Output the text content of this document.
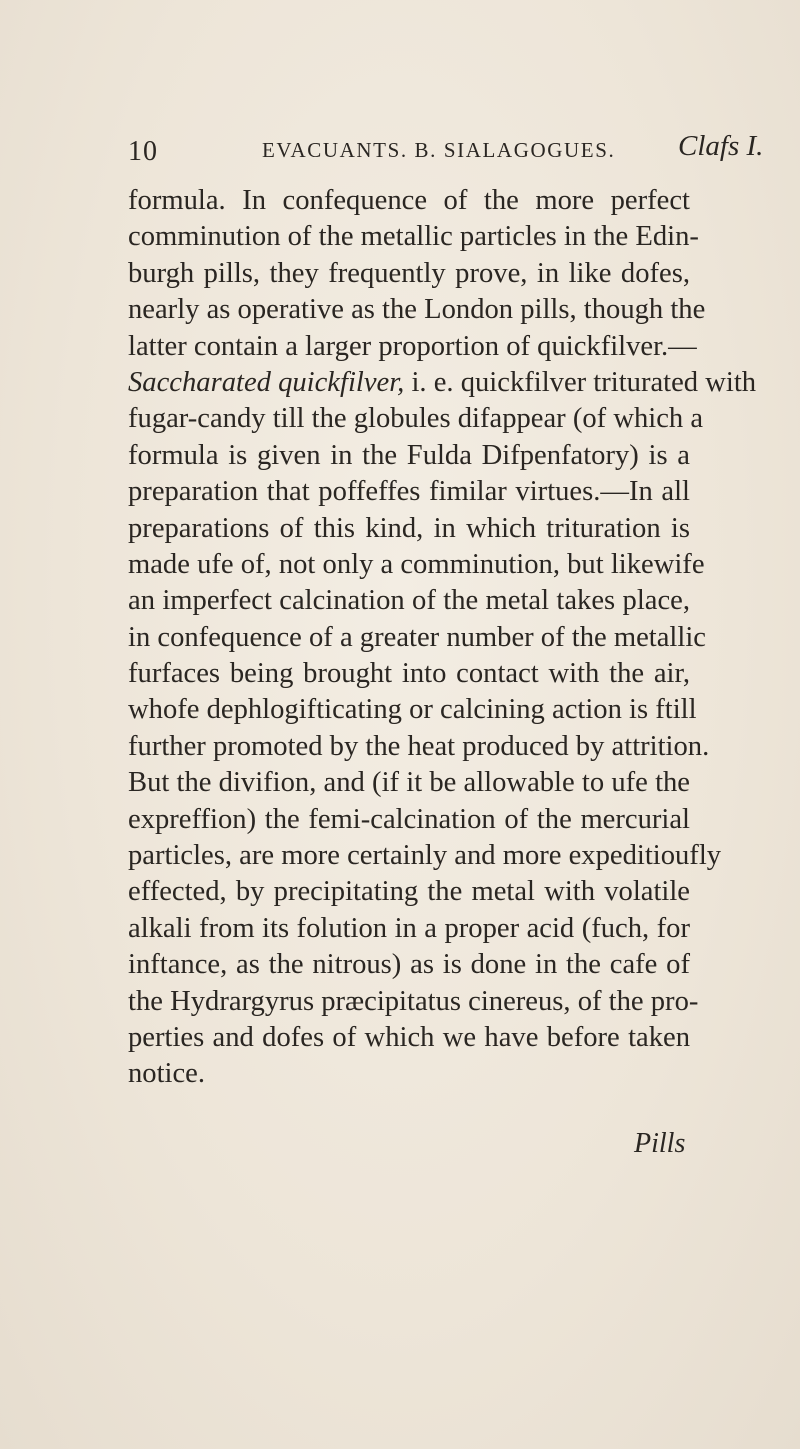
10	EVACUANTS. B. SIALAGOGUES. Clafs I.
formula. In confequence of the more perfect
comminution of the metallic particles in the Edin-
burgh pills, they frequently prove, in like dofes,
nearly as operative as the London pills, though the
latter contain a larger proportion of quickfilver.—
Saccharated quickfilver, i. e. quickfilver triturated with
fugar-candy till the globules difappear (of which a
formula is given in the Fulda Difpenfatory) is a
preparation that poffeffes fimilar virtues.—In all
preparations of this kind, in which trituration is
made ufe of, not only a comminution, but likewife
an imperfect calcination of the metal takes place,
in confequence of a greater number of the metallic
furfaces being brought into contact with the air,
whofe dephlogifticating or calcining action is ftill
further promoted by the heat produced by attrition.
But the divifion, and (if it be allowable to ufe the
expreffion) the femi-calcination of the mercurial
particles, are more certainly and more expeditioufly
effected, by precipitating the metal with volatile
alkali from its folution in a proper acid (fuch, for
inftance, as the nitrous) as is done in the cafe of
the Hydrargyrus præcipitatus cinereus, of the pro-
perties and dofes of which we have before taken
notice.
Pills
